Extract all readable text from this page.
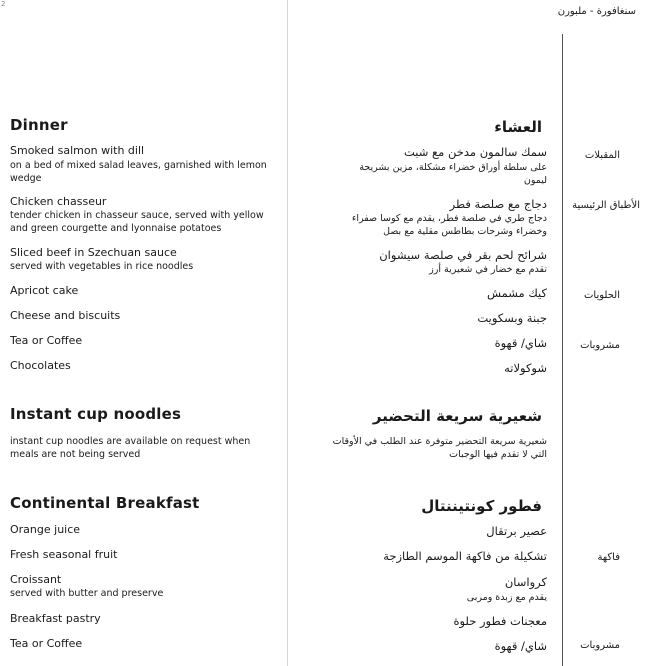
2
سنغافورة - ملبورن
Dinner
Smoked salmon with dill
on a bed of mixed salad leaves, garnished with lemon wedge
Chicken chasseur
tender chicken in chasseur sauce, served with yellow and green courgette and lyonnaise potatoes
Sliced beef in Szechuan sauce
served with vegetables in rice noodles
Apricot cake
Cheese and biscuits
Tea or Coffee
Chocolates
Instant cup noodles
instant cup noodles are available on request when meals are not being served
Continental Breakfast
Orange juice
Fresh seasonal fruit
Croissant
served with butter and preserve
Breakfast pastry
Tea or Coffee
العشاء
سمك سالمون مدخن مع شبت
على سلطة أوراق خضراء مشكلة، مزين بشريحة ليمون
دجاج مع صلصة فطر
دجاج طري في صلصة فطر، يقدم مع كوسا صفراء وخضراء وشرحات بطاطس مقلية مع بصل
شرائح لحم بقر في صلصة سيشوان
تقدم مع خضار في شعيرية أرز
كيك مشمش
جبنة وبسكويت
شاي/ قهوة
شوكولاته
شعيرية سريعة التحضير
شعيرية سريعة التحضير متوفرة عند الطلب في الأوقات التي لا تقدم فيها الوجبات
فطور كونتيننتال
عصير برتقال
تشكيلة من فاكهة الموسم الطازجة
كرواسان
يقدم مع زبدة ومربى
معجنات فطور حلوة
شاي/ قهوة
المقبلات
الأطباق الرئيسية
الحلويات
مشروبات
فاكهة
مشروبات
